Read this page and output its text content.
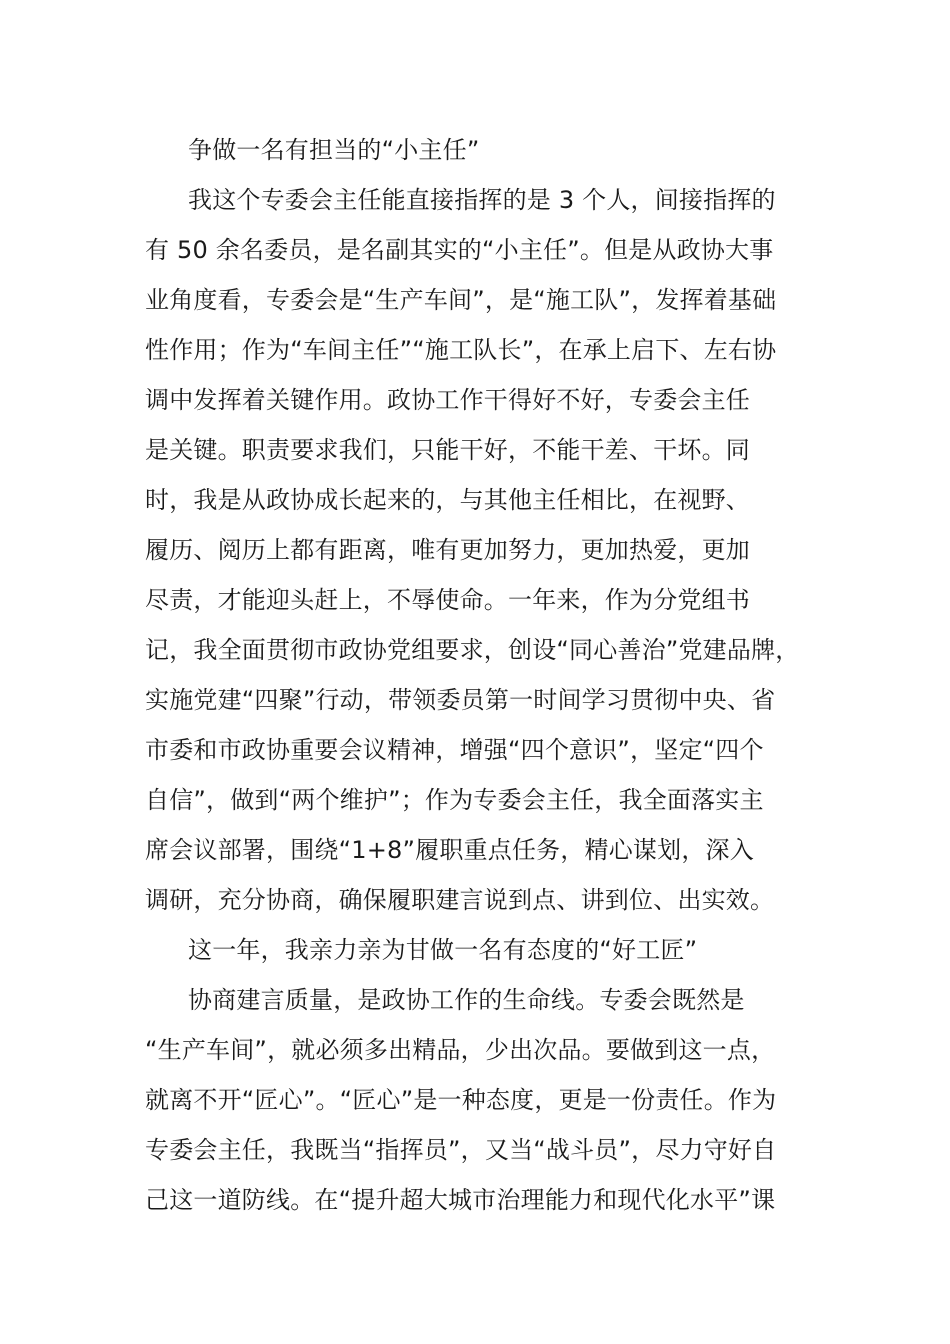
争做一名有担当的“小主任”
我这个专委会主任能直接指挥的是 3 个人，间接指挥的
有 50 余名委员，是名副其实的“小主任”。但是从政协大事
业角度看，专委会是“生产车间”，是“施工队”，发挥着基础
性作用；作为“车间主任”“施工队长”，在承上启下、左右协
调中发挥着关键作用。政协工作干得好不好，专委会主任
是关键。职责要求我们，只能干好，不能干差、干坏。同
时，我是从政协成长起来的，与其他主任相比，在视野、
履历、阅历上都有距离，唯有更加努力，更加热爱，更加
尽责，才能迎头赶上，不辱使命。一年来，作为分党组书
记，我全面贯彻市政协党组要求，创设“同心善治”党建品牌，
实施党建“四聚”行动，带领委员第一时间学习贯彻中央、省
市委和市政协重要会议精神，增强“四个意识”，坚定“四个
自信”，做到“两个维护”；作为专委会主任，我全面落实主
席会议部署，围绕“1+8”履职重点任务，精心谋划，深入
调研，充分协商，确保履职建言说到点、讲到位、出实效。
这一年，我亲力亲为甘做一名有态度的“好工匠”
协商建言质量，是政协工作的生命线。专委会既然是
“生产车间”，就必须多出精品，少出次品。要做到这一点，
就离不开“匠心”。“匠心”是一种态度，更是一份责任。作为
专委会主任，我既当“指挥员”，又当“战斗员”，尽力守好自
己这一道防线。在“提升超大城市治理能力和现代化水平”课
